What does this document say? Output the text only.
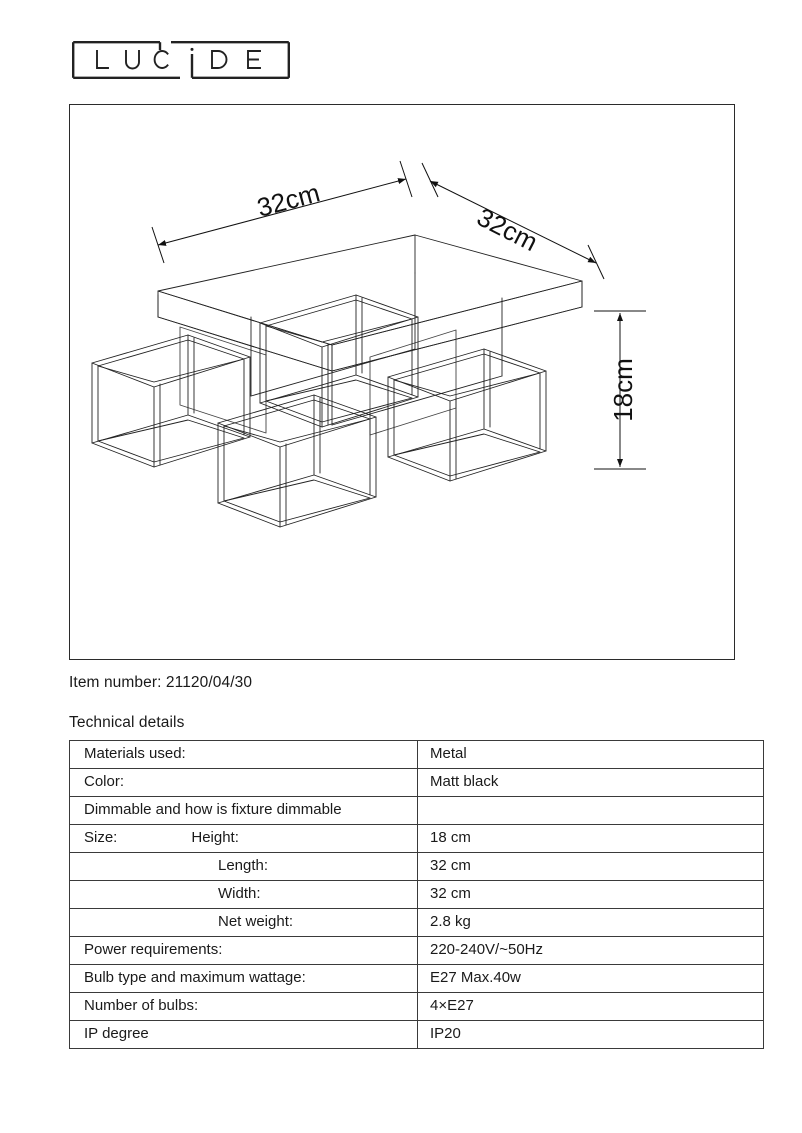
32cm
32cm
18cm
Item number: 21120/04/30
Technical details
Materials used:	Metal

Color:	Matt black

Dimmable and how is fixture dimmable	

Size: Height:	18 cm

Length:	32 cm

Width:	32 cm

Net weight:	2.8 kg

Power requirements:	220-240V/~50Hz

Bulb type and maximum wattage:	E27 Max.40w

Number of bulbs:	4×E27

IP degree	IP20
